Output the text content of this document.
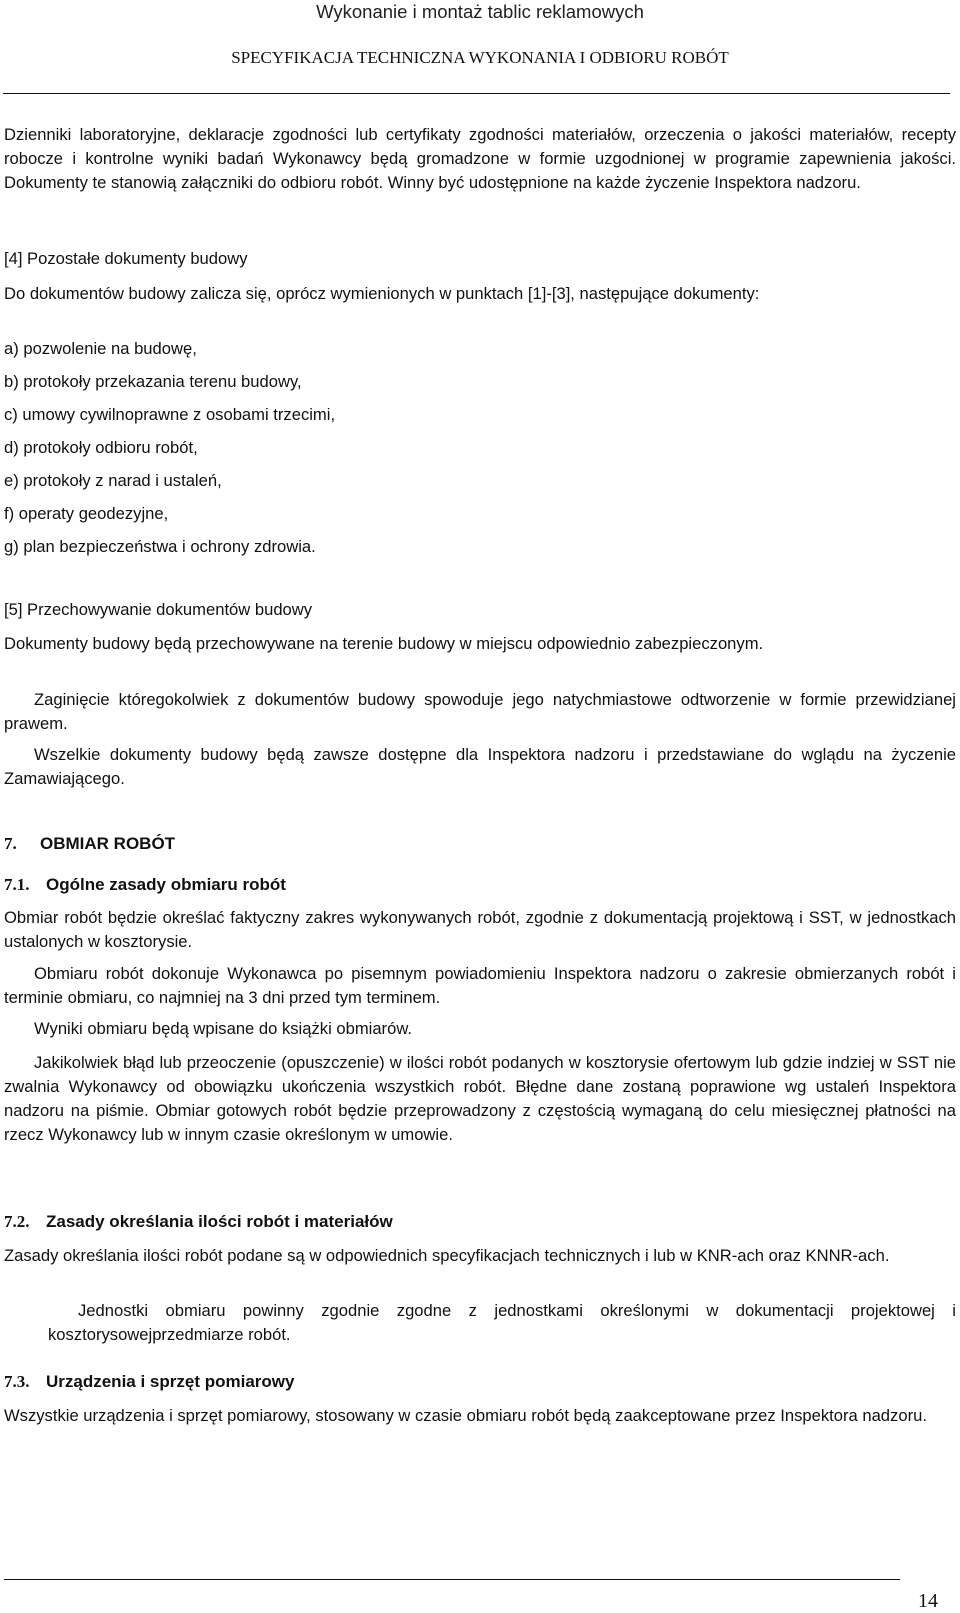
Wykonanie i montaż tablic reklamowych
SPECYFIKACJA TECHNICZNA WYKONANIA I ODBIORU ROBÓT

Dzienniki laboratoryjne, deklaracje zgodności lub certyfikaty zgodności materiałów, orzeczenia o jakości materiałów, recepty robocze i kontrolne wyniki badań Wykonawcy będą gromadzone w formie uzgodnionej w programie zapewnienia jakości. Dokumenty te stanowią załączniki do odbioru robót. Winny być udostępnione na każde życzenie Inspektora nadzoru.

[4] Pozostałe dokumenty budowy

Do dokumentów budowy zalicza się, oprócz wymienionych w punktach [1]-[3], następujące dokumenty:

a) pozwolenie na budowę,

b) protokoły przekazania terenu budowy,

c) umowy cywilnoprawne z osobami trzecimi,

d) protokoły odbioru robót,

e) protokoły z narad i ustaleń,

f) operaty geodezyjne,

g) plan bezpieczeństwa i ochrony zdrowia.

[5] Przechowywanie dokumentów budowy

Dokumenty budowy będą przechowywane na terenie budowy w miejscu odpowiednio zabezpieczonym.

Zaginięcie któregokolwiek z dokumentów budowy spowoduje jego natychmiastowe odtworzenie w formie przewidzianej prawem.

Wszelkie dokumenty budowy będą zawsze dostępne dla Inspektora nadzoru i przedstawiane do wglądu na życzenie Zamawiającego.

7. OBMIAR ROBÓT
7.1. Ogólne zasady obmiaru robót

Obmiar robót będzie określać faktyczny zakres wykonywanych robót, zgodnie z dokumentacją projektową i SST, w jednostkach ustalonych w kosztorysie.

Obmiaru robót dokonuje Wykonawca po pisemnym powiadomieniu Inspektora nadzoru o zakresie obmierzanych robót i terminie obmiaru, co najmniej na 3 dni przed tym terminem.

Wyniki obmiaru będą wpisane do książki obmiarów.

Jakikolwiek błąd lub przeoczenie (opuszczenie) w ilości robót podanych w kosztorysie ofertowym lub gdzie indziej w SST nie zwalnia Wykonawcy od obowiązku ukończenia wszystkich robót. Błędne dane zostaną poprawione wg ustaleń Inspektora nadzoru na piśmie. Obmiar gotowych robót będzie przeprowadzony z częstością wymaganą do celu miesięcznej płatności na rzecz Wykonawcy lub w innym czasie określonym w umowie.

7.2. Zasady określania ilości robót i materiałów

Zasady określania ilości robót podane są w odpowiednich specyfikacjach technicznych i lub w KNR-ach oraz KNNR-ach.

Jednostki obmiaru powinny zgodnie zgodne z jednostkami określonymi w dokumentacji projektowej i kosztorysowejprzedmiarze robót.

7.3. Urządzenia i sprzęt pomiarowy

Wszystkie urządzenia i sprzęt pomiarowy, stosowany w czasie obmiaru robót będą zaakceptowane przez Inspektora nadzoru.

14
